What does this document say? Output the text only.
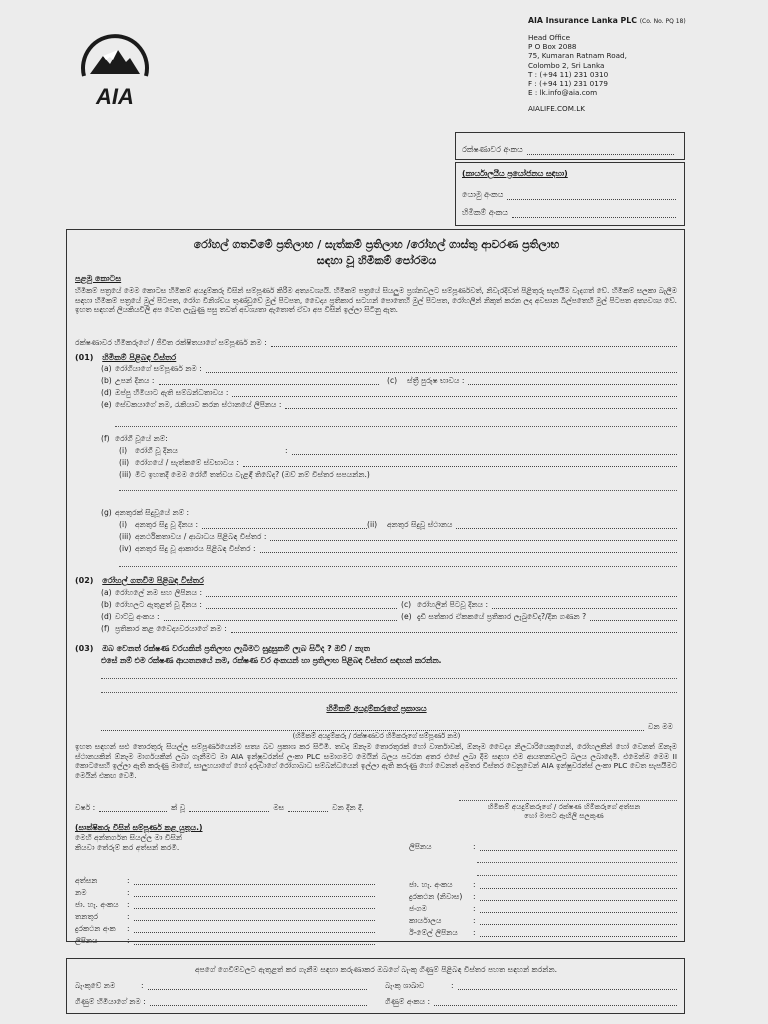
AIA
AIA Insurance Lanka PLC (Co. No. PQ 18)
Head Office
P O Box 2088
75, Kumaran Ratnam Road,
Colombo 2, Sri Lanka
T : (+94 11) 231 0310
F : (+94 11) 231 0179
E : lk.info@aia.com
AIALIFE.COM.LK
රක්ෂණාවර අංකය
(කාර්යාලයීය ප්‍රයෝජනය සඳහා)
යොමු අංකය
හිමිකම් අංකය
රෝහල් ගතවීමේ ප්‍රතිලාභ / සැත්කම් ප්‍රතිලාභ /රෝහල් ගාස්තු ආවරණ ප්‍රතිලාභ
සඳහා වූ හිමිකම් පෝරමය
පළමු කොටස
හිමිකම් පත්‍රයේ මෙම කොටස හිමිකම් අයදුම්කරු විසින් සම්පූර්ණ කිරීම අත්‍යවශ්‍යයි. හිමිකම් පත්‍රයේ සියලුම ප්‍රශ්නවලට සම්පූර්ණවත්, නිවැරදිවත් පිළිතුරු සැපයීම වැදගත් වේ. හිමිකම් සලකා බැලීම සඳහා හිමිකම් පත්‍රයේ මුල් පිටපත, රෝග විනිශ්චය තුණ්ඩුවේ මුල් පිටපත, වෛද්‍ය ප්‍රතිකාර සටහන් පොතෙහි මුල් පිටපත, රෝහලින් නිකුත් කරන ලද අවසාන බිල්පතෙහි මුල් පිටපත අත්‍යවශ්‍ය වේ. ඉහත සඳහන් ලියකියවිලි අප වෙත ලැබුණු පසු තවත් අවශ්‍යතා ඇතොත් ඒවා අප විසින් ඉල්ලා සිටිනු ඇත.
රක්ෂණාවර හිමිකරුගේ / ජීවිත රක්ෂිතයාගේ සම්පූර්ණ නම :
(01) හිමිකම් පිළිබඳ විස්තර
(a) රෝගියාගේ සම්පූර්ණ නම :
(b) උපන් දිනය :	(c)	ස්ත්‍රී පුරුෂ භාවය :
(d) ඔප්පු හිමියාට ඇති සම්බන්ධතාවය :
(e) සේවකයාගේ නම, රැකියාව කරන ස්ථානයේ ලිපිනය :
(f) රෝගී වූයේ නම්:
(i)	රෝගී වූ දිනය	:
(ii) රෝගයේ / සැත්කමේ ස්වභාවය :
(iii) මීට ඉහතදී මෙම රෝගී තත්වය වැළඳී තිබේද? (ඔව් නම් විස්තර සපයන්න.)
(g) අනතුරක් සිදුවූයේ නම් :
(i)	අනතුර සිදු වූ දිනය :	(ii)	අනතුර සිදුවූ ස්ථානය
(iii) අනර්ථිකතාවය / ආබාධය පිළිබඳ විස්තර :
(iv) අනතුර සිදු වූ ආකාරය පිළිබඳ විස්තර :
(02) රෝහල් ගතවීම පිළිබඳ විස්තර
(a) රෝහලේ නම සහ ලිපිනය :
(b) රෝහලට ඇතුළත් වූ දිනය :	(c) රෝහලින් පිටවූ දිනය :
(d) වාට්ටු අංකය :	(e) දැඩි සත්කාර ඒකකයේ ප්‍රතිකාර ලැබුවේද?/දින ගණන ?
(f) ප්‍රතිකාර කළ වෛද්‍යවරයාගේ නම :
(03) ඔබ වෙනත් රක්ෂණ වරයකින් ප්‍රතිලාභ ලැබීමට සුදුසුකම් ලැබ සිටීද ? ඔව් / නැත
එසේ නම් එම රක්ෂණ ආයතනයේ නම, රක්ෂණ වර අංකයන් හා ප්‍රතිලාභ පිළිබඳ විස්තර සඳහන් කරන්න.
හිමිකම් අයදුම්කරුගේ ප්‍රකාශය
වන මම
(හිමිකම් අයදුම්කරු / රක්ෂණවර හිමිකරුගේ සම්පූර්ණ නම)
ඉහත සඳහන් සළු තොරතුරු සියල්ල සම්පූර්ණයෙන්ම සත්‍ය බව ප්‍රකාශ කර සිටිමි. තවද ඕනෑම තොරතුරක් හෝ වාර්තාවක්, ඕනෑම වෛද්‍ය නිලධාරියෙකුගෙන්, රෝහලකින් හෝ වෙනත් ඕනෑම ස්ථානයකින් ඕනෑම මාර්ගයකින් ලබා ගැනීමට මා AIA ඉන්ෂුවරන්ස් ලංකා PLC සමාගමට මෙයින් බලය පවරන අතර එසේ ලබා දීම සඳහා එම ආයතනවලට බලය ලබාදෙමි. එමෙන්ම මෙම II කොටසෙහි ඉල්ලා ඇති කරුණු මාගේ, සාලුහයාගේ හෝ දරුවාගේ රෝගාබාධ සම්බන්ධයෙන් ඉල්ලා ඇති කරුණු හෝ වෙනත් අමතර විස්තර වෙනුවෙන් AIA ඉන්ෂුවරන්ස් ලංකා PLC වෙත සැපයීමට මෙයින් එකඟ වෙමි.
වර්ෂ :	ක් වූ	මස	වන දින දී.	හිමිකම් අයදුම්කරුගේ / රක්ෂණ හිමිකරුගේ අත්සන
හෝ මාපට ඇඟිලි සලකුණ
(සාක්ෂිකරු විසින් සම්පූර්ණ කළ යුතුය.)
මෙහි අන්තර්ගත සියල්ල මා විසින්
කියවා තේරුම් කර අත්සන් කරමි.	ලිපිනය	:
අත්සන	:
නම	:
ජා. හැ. අංකය	:
තනතුර	:
දුරකථන අංක	:
ලිපිනය	:
ජා. හැ. අංකය	:
දුරකථන (නිවාස)	:
ජංගම	:
කාර්යාලය	:
ඊ-මේල් ලිපිනය	:
අපගේ ගෙවීම්වලට ඇතුළත් කර ගැනීම සඳහා කරුණාකර ඔබගේ බැංකු ගිණුම් පිළිබඳ විස්තර පහත සඳහන් කරන්න.
බැංකුවේ නම	:	බැංකු ශාඛාව	:
ගිණුම් හිමියාගේ නම :	ගිණුම් අංකය :
